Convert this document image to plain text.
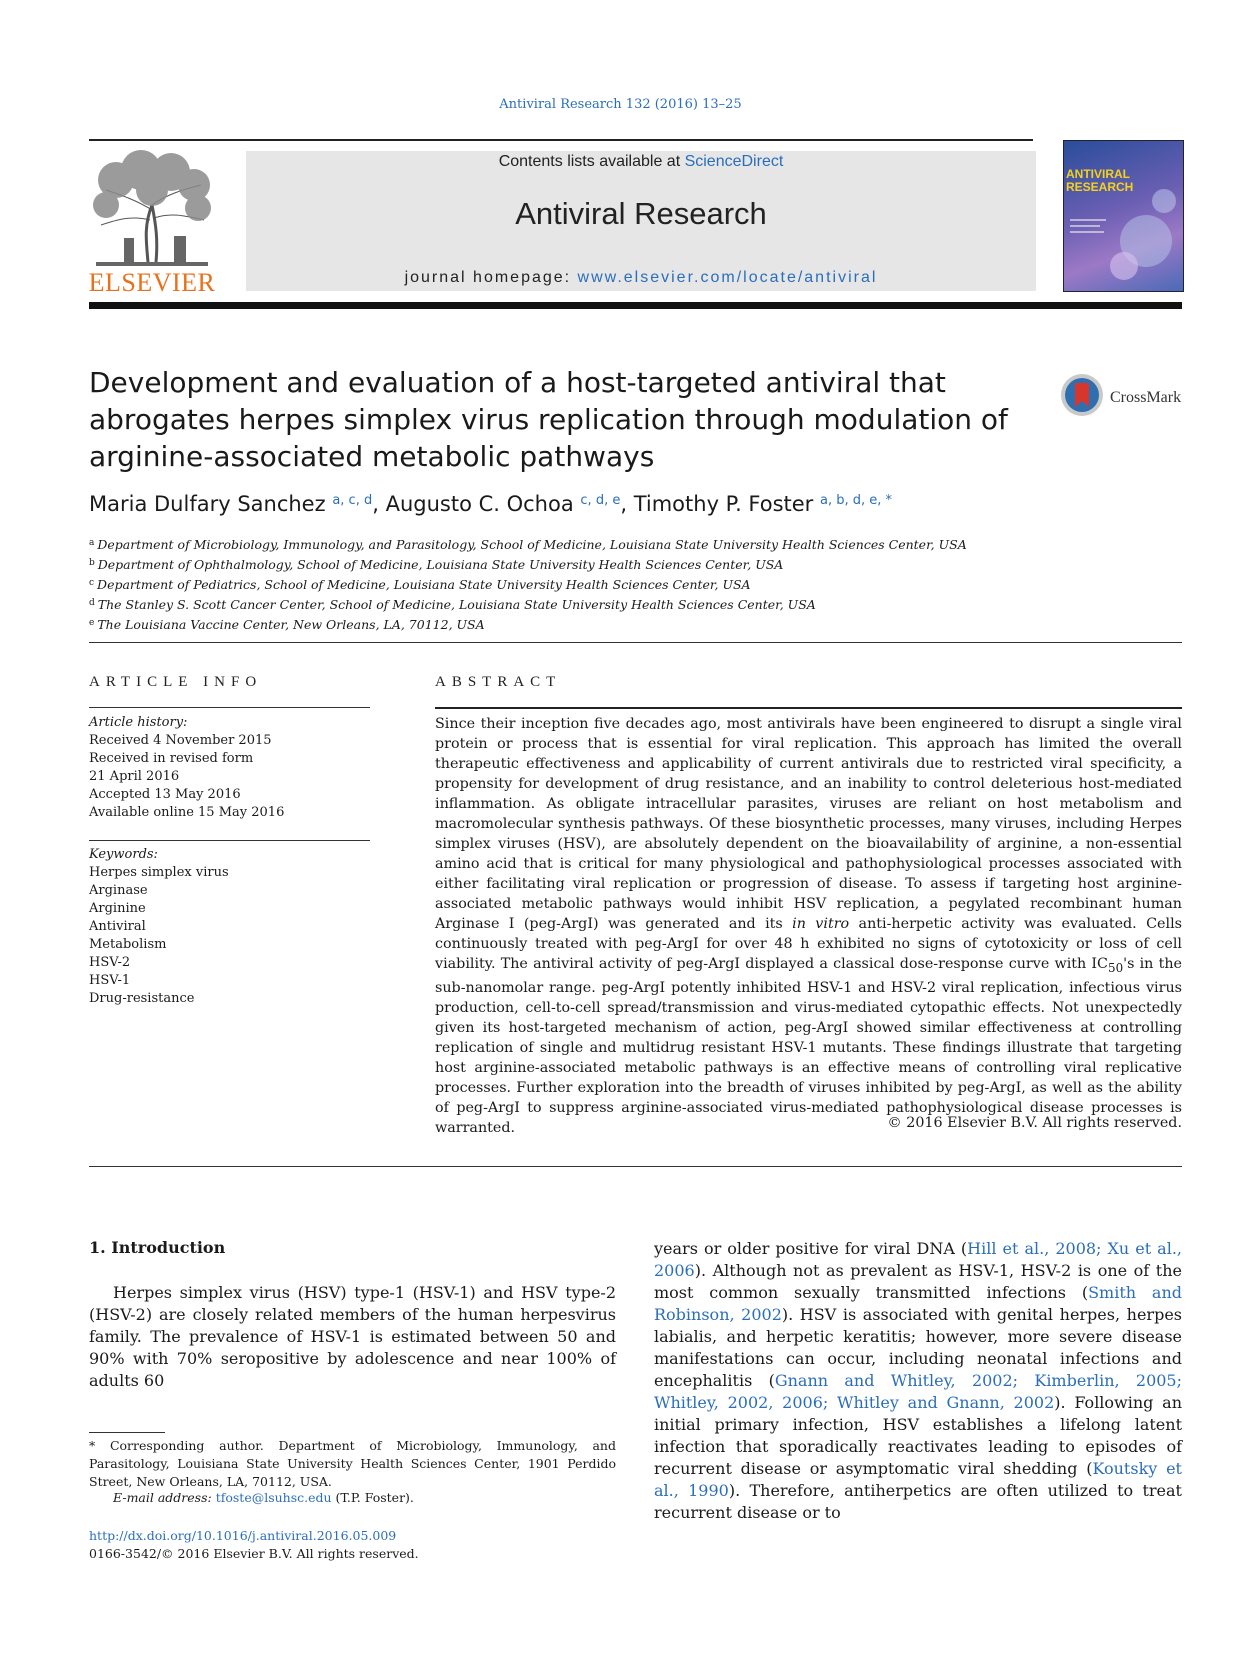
Antiviral Research 132 (2016) 13–25
ELSEVIER
Contents lists available at ScienceDirect
Antiviral Research
journal homepage: www.elsevier.com/locate/antiviral
ANTIVIRAL RESEARCH
Development and evaluation of a host-targeted antiviral that abrogates herpes simplex virus replication through modulation of arginine-associated metabolic pathways
CrossMark
Maria Dulfary Sanchez $^{a, c, d}$, Augusto C. Ochoa $^{c, d, e}$, Timothy P. Foster $^{a, b, d, e, *}$
$^a$ Department of Microbiology, Immunology, and Parasitology, School of Medicine, Louisiana State University Health Sciences Center, USA
$^b$ Department of Ophthalmology, School of Medicine, Louisiana State University Health Sciences Center, USA
$^c$ Department of Pediatrics, School of Medicine, Louisiana State University Health Sciences Center, USA
$^d$ The Stanley S. Scott Cancer Center, School of Medicine, Louisiana State University Health Sciences Center, USA
$^e$ The Louisiana Vaccine Center, New Orleans, LA, 70112, USA
ARTICLE INFO
Article history:
Received 4 November 2015
Received in revised form
21 April 2016
Accepted 13 May 2016
Available online 15 May 2016
Keywords:
Herpes simplex virus
Arginase
Arginine
Antiviral
Metabolism
HSV-2
HSV-1
Drug-resistance
ABSTRACT
Since their inception five decades ago, most antivirals have been engineered to disrupt a single viral protein or process that is essential for viral replication. This approach has limited the overall therapeutic effectiveness and applicability of current antivirals due to restricted viral specificity, a propensity for development of drug resistance, and an inability to control deleterious host-mediated inflammation. As obligate intracellular parasites, viruses are reliant on host metabolism and macromolecular synthesis pathways. Of these biosynthetic processes, many viruses, including Herpes simplex viruses (HSV), are absolutely dependent on the bioavailability of arginine, a non-essential amino acid that is critical for many physiological and pathophysiological processes associated with either facilitating viral replication or progression of disease. To assess if targeting host arginine-associated metabolic pathways would inhibit HSV replication, a pegylated recombinant human Arginase I (peg-ArgI) was generated and its in vitro anti-herpetic activity was evaluated. Cells continuously treated with peg-ArgI for over 48 h exhibited no signs of cytotoxicity or loss of cell viability. The antiviral activity of peg-ArgI displayed a classical dose-response curve with $IC_{50}'s$ in the sub-nanomolar range. peg-ArgI potently inhibited HSV-1 and HSV-2 viral replication, infectious virus production, cell-to-cell spread/transmission and virus-mediated cytopathic effects. Not unexpectedly given its host-targeted mechanism of action, peg-ArgI showed similar effectiveness at controlling replication of single and multidrug resistant HSV-1 mutants. These findings illustrate that targeting host arginine-associated metabolic pathways is an effective means of controlling viral replicative processes. Further exploration into the breadth of viruses inhibited by peg-ArgI, as well as the ability of peg-ArgI to suppress arginine-associated virus-mediated pathophysiological disease processes is warranted.	© 2016 Elsevier B.V. All rights reserved.
1. Introduction
Herpes simplex virus (HSV) type-1 (HSV-1) and HSV type-2 (HSV-2) are closely related members of the human herpesvirus family. The prevalence of HSV-1 is estimated between 50 and 90% with 70% seropositive by adolescence and near 100% of adults 60
years or older positive for viral DNA (Hill et al., 2008; Xu et al., 2006). Although not as prevalent as HSV-1, HSV-2 is one of the most common sexually transmitted infections (Smith and Robinson, 2002). HSV is associated with genital herpes, herpes labialis, and herpetic keratitis; however, more severe disease manifestations can occur, including neonatal infections and encephalitis (Gnann and Whitley, 2002; Kimberlin, 2005; Whitley, 2002, 2006; Whitley and Gnann, 2002). Following an initial primary infection, HSV establishes a lifelong latent infection that sporadically reactivates leading to episodes of recurrent disease or asymptomatic viral shedding (Koutsky et al., 1990). Therefore, antiherpetics are often utilized to treat recurrent disease or to
* Corresponding author. Department of Microbiology, Immunology, and Parasitology, Louisiana State University Health Sciences Center, 1901 Perdido Street, New Orleans, LA, 70112, USA.
E-mail address: tfoste@lsuhsc.edu (T.P. Foster).
http://dx.doi.org/10.1016/j.antiviral.2016.05.009
0166-3542/© 2016 Elsevier B.V. All rights reserved.
